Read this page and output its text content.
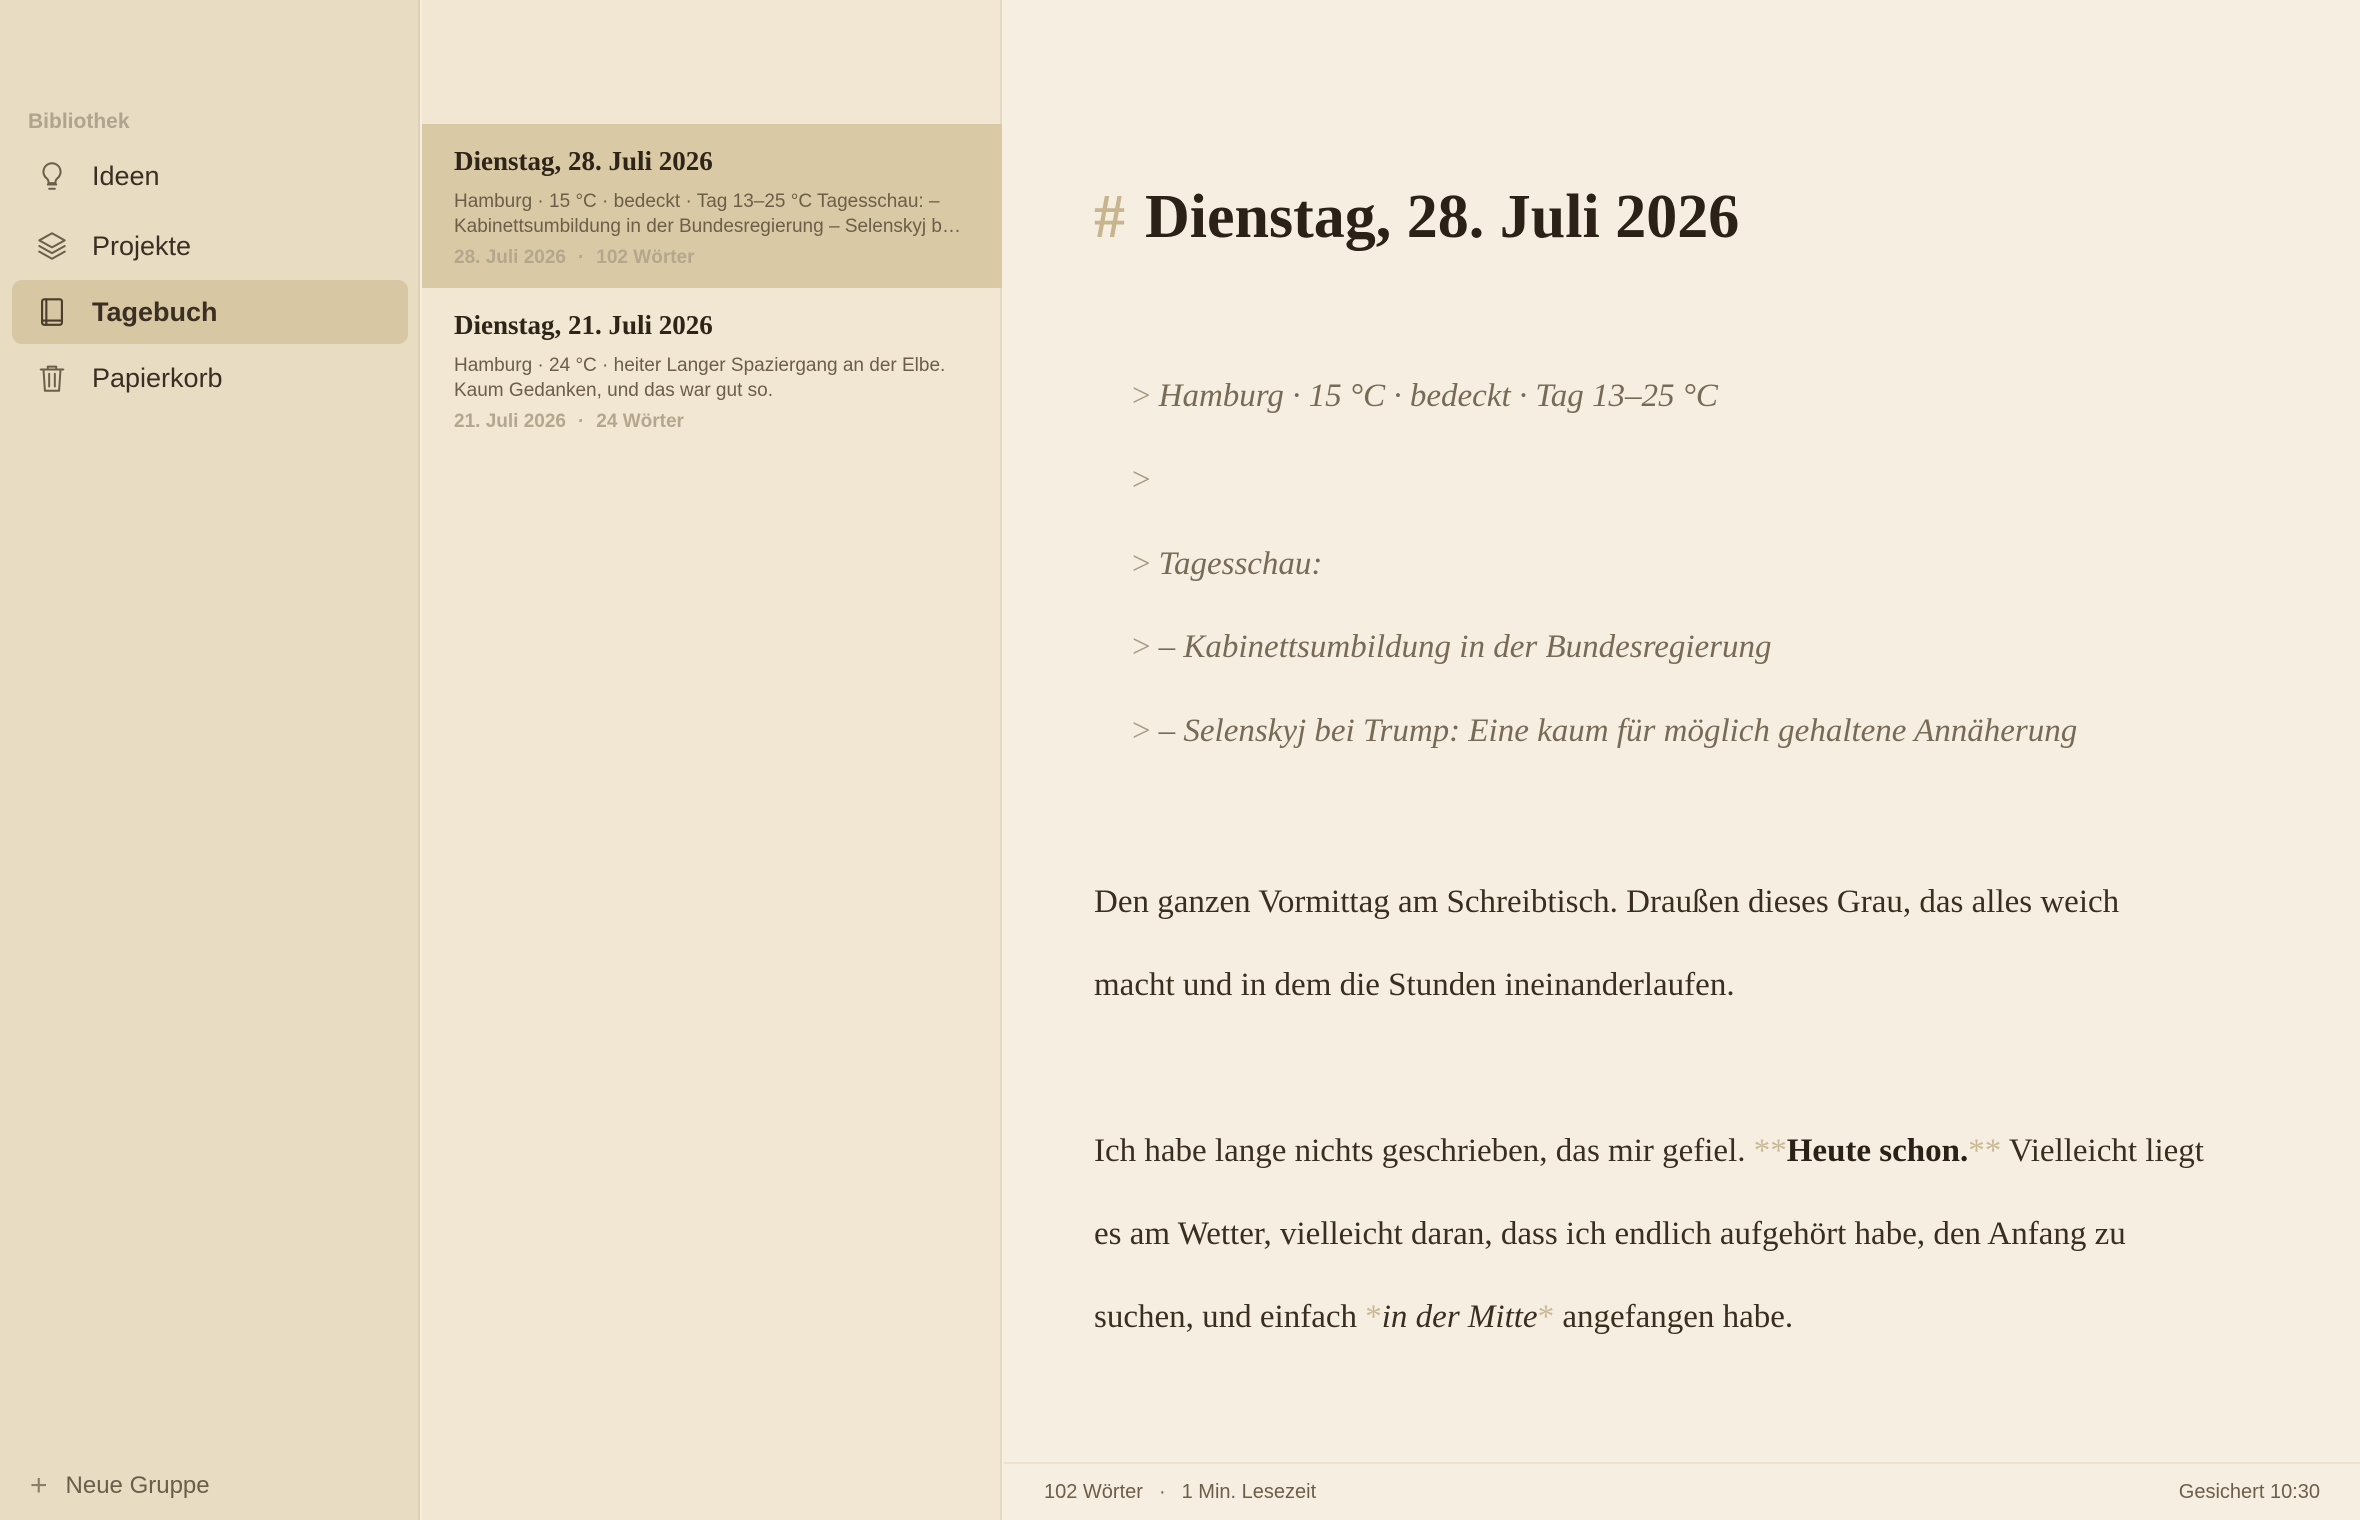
Bibliothek
Ideen
Projekte
Tagebuch
Papierkorb
+ Neue Gruppe
Dienstag, 28. Juli 2026
Hamburg · 15 °C · bedeckt · Tag 13–25 °C Tagesschau: – Kabinettsumbildung in der Bundesregierung – Selenskyj bei
28. Juli 2026 · 102 Wörter
Dienstag, 21. Juli 2026
Hamburg · 24 °C · heiter Langer Spaziergang an der Elbe. Kaum Gedanken, und das war gut so.
21. Juli 2026 · 24 Wörter
# Dienstag, 28. Juli 2026
> Hamburg · 15 °C · bedeckt · Tag 13–25 °C
>
> Tagesschau:
> – Kabinettsumbildung in der Bundesregierung
> – Selenskyj bei Trump: Eine kaum für möglich gehaltene Annäherung
Den ganzen Vormittag am Schreibtisch. Draußen dieses Grau, das alles weich macht und in dem die Stunden ineinanderlaufen.
Ich habe lange nichts geschrieben, das mir gefiel. **Heute schon.** Vielleicht liegt es am Wetter, vielleicht daran, dass ich endlich aufgehört habe, den Anfang zu suchen, und einfach *in der Mitte* angefangen habe.
102 Wörter · 1 Min. Lesezeit	Gesichert 10:30
